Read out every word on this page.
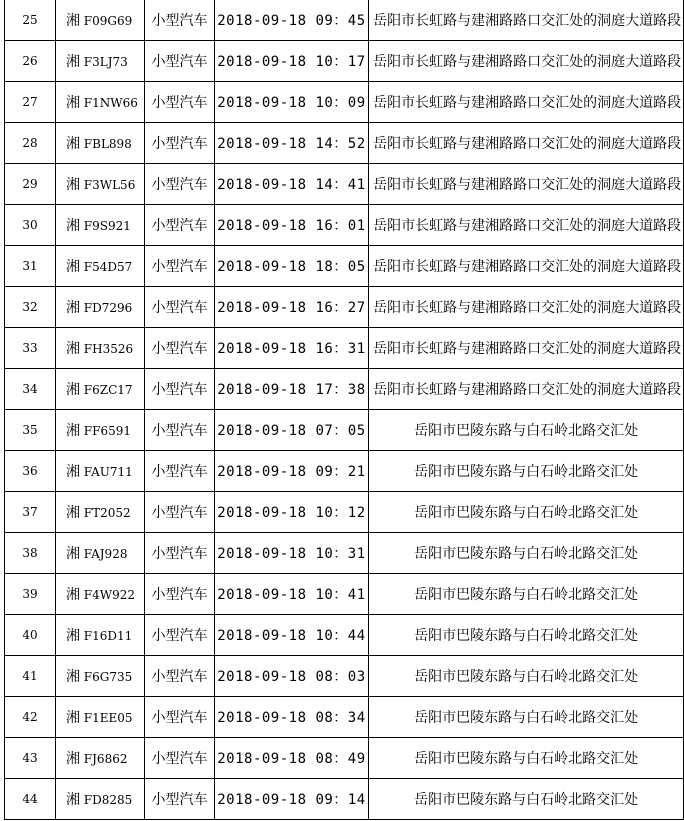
25	湘 F09G69	小型汽车	2018-09-18 09：45	岳阳市长虹路与建湘路路口交汇处的洞庭大道路段
26	湘 F3LJ73	小型汽车	2018-09-18 10：17	岳阳市长虹路与建湘路路口交汇处的洞庭大道路段
27	湘 F1NW66	小型汽车	2018-09-18 10：09	岳阳市长虹路与建湘路路口交汇处的洞庭大道路段
28	湘 FBL898	小型汽车	2018-09-18 14：52	岳阳市长虹路与建湘路路口交汇处的洞庭大道路段
29	湘 F3WL56	小型汽车	2018-09-18 14：41	岳阳市长虹路与建湘路路口交汇处的洞庭大道路段
30	湘 F9S921	小型汽车	2018-09-18 16：01	岳阳市长虹路与建湘路路口交汇处的洞庭大道路段
31	湘 F54D57	小型汽车	2018-09-18 18：05	岳阳市长虹路与建湘路路口交汇处的洞庭大道路段
32	湘 FD7296	小型汽车	2018-09-18 16：27	岳阳市长虹路与建湘路路口交汇处的洞庭大道路段
33	湘 FH3526	小型汽车	2018-09-18 16：31	岳阳市长虹路与建湘路路口交汇处的洞庭大道路段
34	湘 F6ZC17	小型汽车	2018-09-18 17：38	岳阳市长虹路与建湘路路口交汇处的洞庭大道路段
35	湘 FF6591	小型汽车	2018-09-18 07：05	岳阳市巴陵东路与白石岭北路交汇处
36	湘 FAU711	小型汽车	2018-09-18 09：21	岳阳市巴陵东路与白石岭北路交汇处
37	湘 FT2052	小型汽车	2018-09-18 10：12	岳阳市巴陵东路与白石岭北路交汇处
38	湘 FAJ928	小型汽车	2018-09-18 10：31	岳阳市巴陵东路与白石岭北路交汇处
39	湘 F4W922	小型汽车	2018-09-18 10：41	岳阳市巴陵东路与白石岭北路交汇处
40	湘 F16D11	小型汽车	2018-09-18 10：44	岳阳市巴陵东路与白石岭北路交汇处
41	湘 F6G735	小型汽车	2018-09-18 08：03	岳阳市巴陵东路与白石岭北路交汇处
42	湘 F1EE05	小型汽车	2018-09-18 08：34	岳阳市巴陵东路与白石岭北路交汇处
43	湘 FJ6862	小型汽车	2018-09-18 08：49	岳阳市巴陵东路与白石岭北路交汇处
44	湘 FD8285	小型汽车	2018-09-18 09：14	岳阳市巴陵东路与白石岭北路交汇处
